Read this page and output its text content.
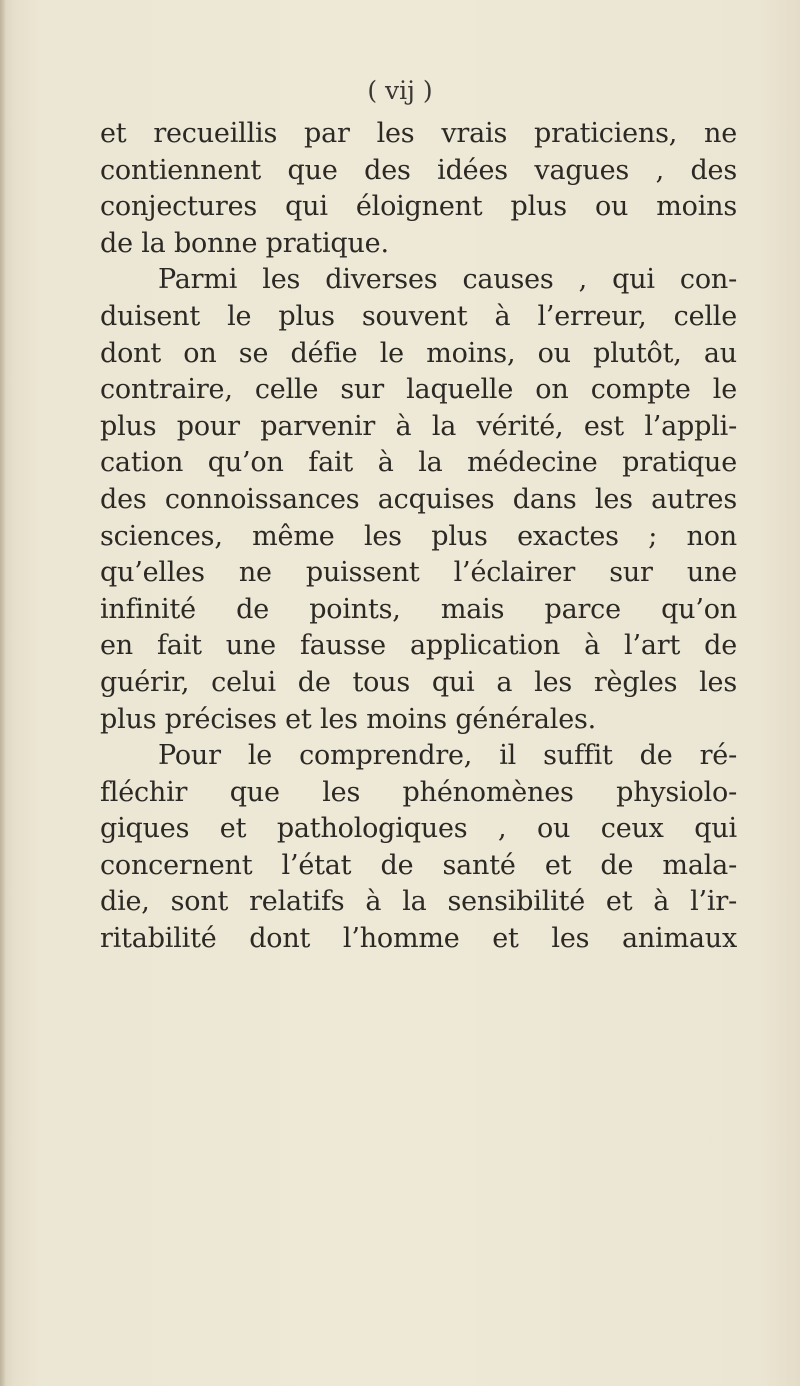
( vij )
et recueillis par les vrais praticiens, ne
contiennent que des idées vagues , des
conjectures qui éloignent plus ou moins
de la bonne pratique.
Parmi les diverses causes , qui con-
duisent le plus souvent à l’erreur, celle
dont on se défie le moins, ou plutôt, au
contraire, celle sur laquelle on compte le
plus pour parvenir à la vérité, est l’appli-
cation qu’on fait à la médecine pratique
des connoissances acquises dans les autres
sciences, même les plus exactes ; non
qu’elles ne puissent l’éclairer sur une
infinité de points, mais parce qu’on
en fait une fausse application à l’art de
guérir, celui de tous qui a les règles les
plus précises et les moins générales.
Pour le comprendre, il suffit de ré-
fléchir que les phénomènes physiolo-
giques et pathologiques , ou ceux qui
concernent l’état de santé et de mala-
die, sont relatifs à la sensibilité et à l’ir-
ritabilité dont l’homme et les animaux
